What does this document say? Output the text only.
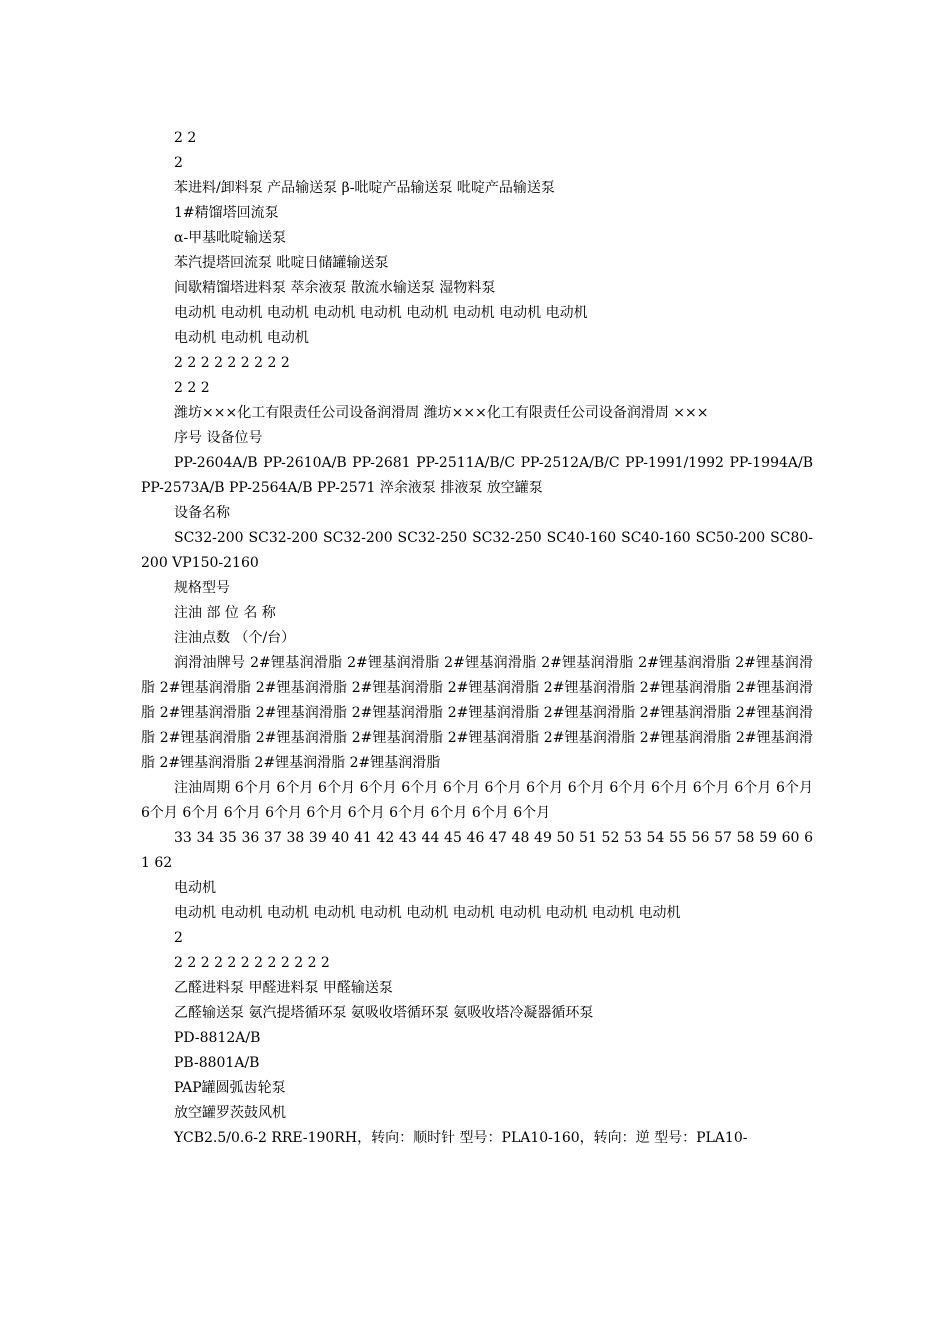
2 2
2
苯进料/卸料泵 产品输送泵 β-吡啶产品输送泵 吡啶产品输送泵
1#精馏塔回流泵
α-甲基吡啶输送泵
苯汽提塔回流泵 吡啶日储罐输送泵
间歇精馏塔进料泵 萃余液泵 散流水输送泵 湿物料泵
电动机 电动机 电动机 电动机 电动机 电动机 电动机 电动机 电动机
电动机 电动机 电动机
2 2 2 2 2 2 2 2 2
2 2 2
潍坊×××化工有限责任公司设备润滑周 潍坊×××化工有限责任公司设备润滑周 ×××
序号 设备位号
PP-2604A/B PP-2610A/B PP-2681 PP-2511A/B/C PP-2512A/B/C PP-1991/1992 PP-1994A/B PP-2573A/B PP-2564A/B PP-2571 淬余液泵 排液泵 放空罐泵
设备名称
SC32-200 SC32-200 SC32-200 SC32-250 SC32-250 SC40-160 SC40-160 SC50-200 SC80-200 VP150-2160
规格型号
注油 部 位 名 称
注油点数 （个/台）
润滑油牌号 2#锂基润滑脂 2#锂基润滑脂 2#锂基润滑脂 2#锂基润滑脂 2#锂基润滑脂 2#锂基润滑脂 2#锂基润滑脂 2#锂基润滑脂 2#锂基润滑脂 2#锂基润滑脂 2#锂基润滑脂 2#锂基润滑脂 2#锂基润滑脂 2#锂基润滑脂 2#锂基润滑脂 2#锂基润滑脂 2#锂基润滑脂 2#锂基润滑脂 2#锂基润滑脂 2#锂基润滑脂 2#锂基润滑脂 2#锂基润滑脂 2#锂基润滑脂 2#锂基润滑脂 2#锂基润滑脂 2#锂基润滑脂 2#锂基润滑脂 2#锂基润滑脂 2#锂基润滑脂 2#锂基润滑脂
注油周期 6个月 6个月 6个月 6个月 6个月 6个月 6个月 6个月 6个月 6个月 6个月 6个月 6个月 6个月 6个月 6个月 6个月 6个月 6个月 6个月 6个月 6个月 6个月 6个月
33 34 35 36 37 38 39 40 41 42 43 44 45 46 47 48 49 50 51 52 53 54 55 56 57 58 59 60 61 62
电动机
电动机 电动机 电动机 电动机 电动机 电动机 电动机 电动机 电动机 电动机 电动机
2
2 2 2 2 2 2 2 2 2 2 2 2
乙醛进料泵 甲醛进料泵 甲醛输送泵
乙醛输送泵 氨汽提塔循环泵 氨吸收塔循环泵 氨吸收塔冷凝器循环泵
PD-8812A/B
PB-8801A/B
PAP罐圆弧齿轮泵
放空罐罗茨鼓风机
YCB2.5/0.6-2 RRE-190RH，转向：顺时针 型号：PLA10-160，转向：逆 型号：PLA10-
